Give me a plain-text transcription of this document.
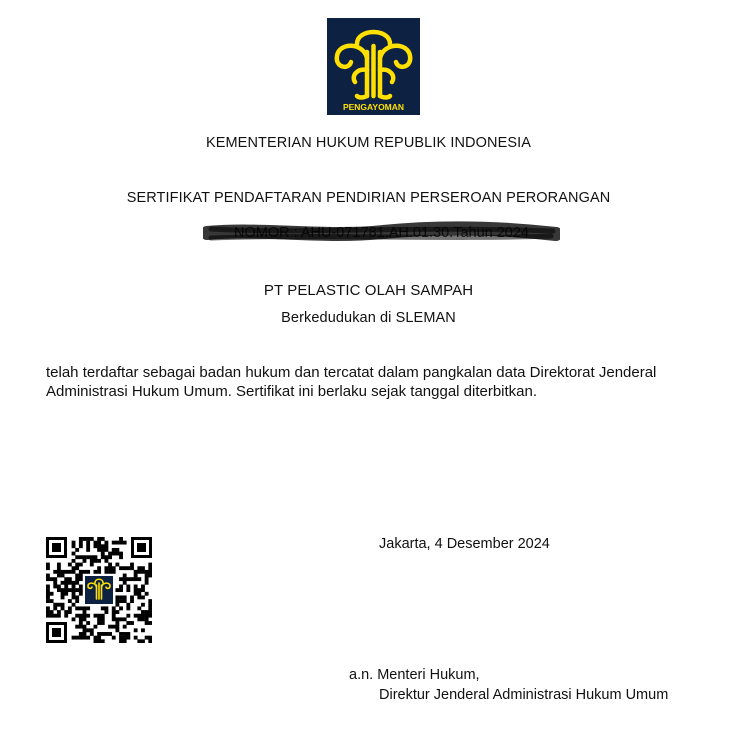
PENGAYOMAN
KEMENTERIAN HUKUM REPUBLIK INDONESIA
SERTIFIKAT PENDAFTARAN PENDIRIAN PERSEROAN PERORANGAN
NOMOR : AHU-071781.AH.01.30.Tahun 2024
PT PELASTIC OLAH SAMPAH
Berkedudukan di SLEMAN
telah terdaftar sebagai badan hukum dan tercatat dalam pangkalan data Direktorat Jenderal Administrasi Hukum Umum. Sertifikat ini berlaku sejak tanggal diterbitkan.
Jakarta, 4 Desember 2024
a.n. Menteri Hukum,
Direktur Jenderal Administrasi Hukum Umum
